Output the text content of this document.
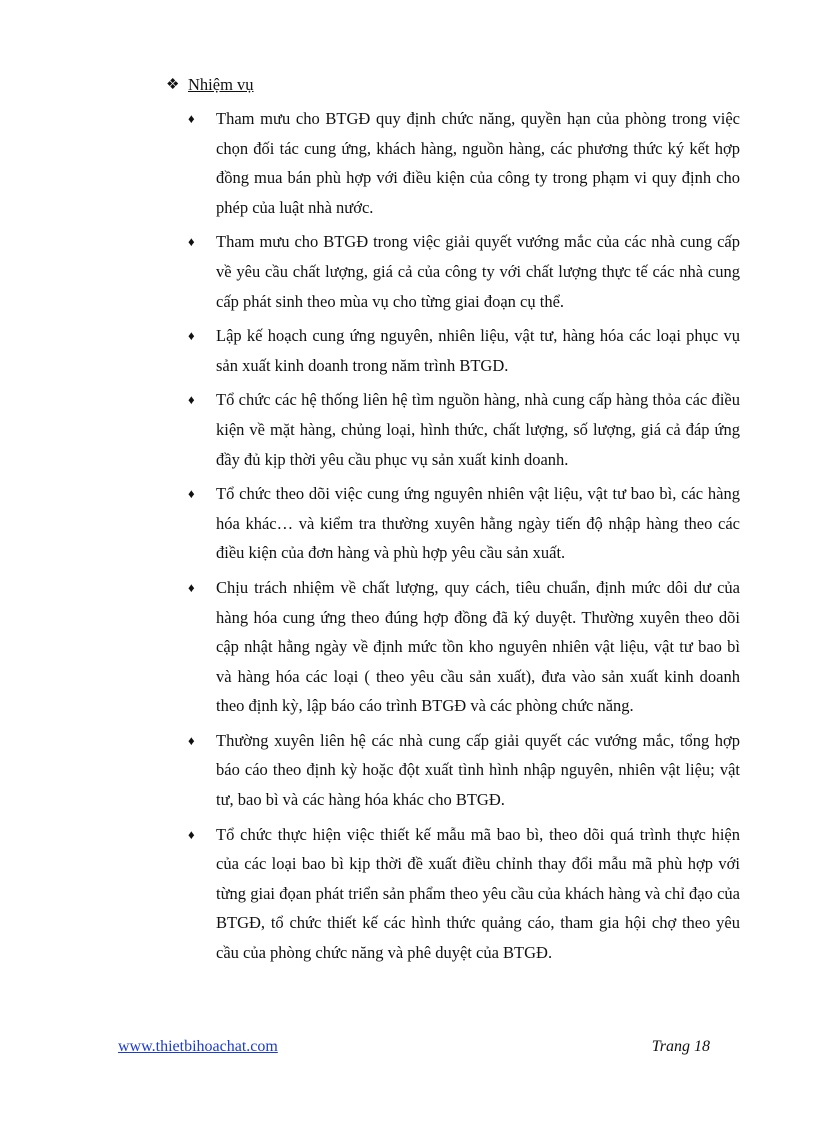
❖ Nhiệm vụ
♦	Tham mưu cho BTGĐ quy định chức năng, quyền hạn của phòng trong việc chọn đối tác cung ứng, khách hàng, nguồn hàng, các phương thức ký kết hợp đồng mua bán phù hợp với điều kiện của công ty trong phạm vi quy định cho phép của luật nhà nước.
♦	Tham mưu cho BTGĐ trong việc giải quyết vướng mắc của các nhà cung cấp về yêu cầu chất lượng, giá cả của công ty với chất lượng thực tế các nhà cung cấp phát sinh theo mùa vụ cho từng giai đoạn cụ thể.
♦	Lập kế hoạch cung ứng nguyên, nhiên liệu, vật tư, hàng hóa các loại phục vụ sản xuất kinh doanh trong năm trình BTGD.
♦	Tổ chức các hệ thống liên hệ tìm nguồn hàng, nhà cung cấp hàng thỏa các điều kiện về mặt hàng, chủng loại, hình thức, chất lượng, số lượng, giá cả đáp ứng đầy đủ kịp thời yêu cầu phục vụ sản xuất kinh doanh.
♦	Tổ chức theo dõi việc cung ứng nguyên nhiên vật liệu, vật tư bao bì, các hàng hóa khác… và kiểm tra thường xuyên hằng ngày tiến độ nhập hàng theo các điều kiện của đơn hàng và phù hợp yêu cầu sản xuất.
♦	Chịu trách nhiệm về chất lượng, quy cách, tiêu chuẩn, định mức dôi dư của hàng hóa cung ứng theo đúng hợp đồng đã ký duyệt. Thường xuyên theo dõi cập nhật hằng ngày về định mức tồn kho nguyên nhiên vật liệu, vật tư bao bì và hàng hóa các loại ( theo yêu cầu sản xuất), đưa vào sản xuất kinh doanh theo định kỳ, lập báo cáo trình BTGĐ và các phòng chức năng.
♦	Thường xuyên liên hệ các nhà cung cấp giải quyết các vướng mắc, tổng hợp báo cáo theo định kỳ hoặc đột xuất tình hình nhập nguyên, nhiên vật liệu; vật tư, bao bì và các hàng hóa khác cho BTGĐ.
♦	Tổ chức thực hiện việc thiết kế mẫu mã bao bì, theo dõi quá trình thực hiện của các loại bao bì kịp thời đề xuất điều chỉnh thay đổi mẫu mã phù hợp với từng giai đọan phát triển sản phẩm theo yêu cầu của khách hàng và chỉ đạo của BTGĐ, tổ chức thiết kế các hình thức quảng cáo, tham gia hội chợ theo yêu cầu của phòng chức năng và phê duyệt của BTGĐ.
www.thietbihoachat.com	Trang 18
